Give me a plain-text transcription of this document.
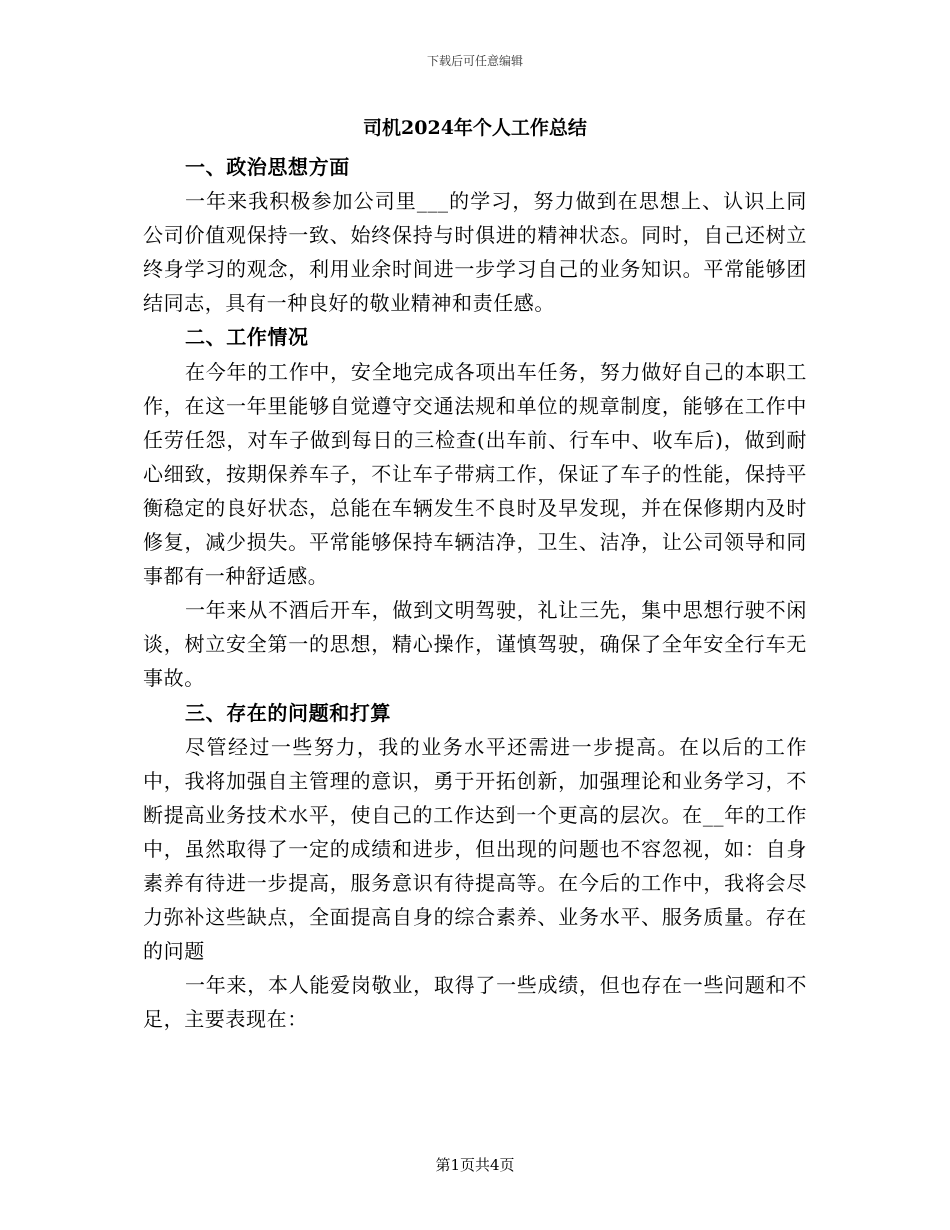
下载后可任意编辑
司机2024年个人工作总结

一、政治思想方面

一年来我积极参加公司里___的学习，努力做到在思想上、认识上同公司价值观保持一致、始终保持与时俱进的精神状态。同时，自己还树立终身学习的观念，利用业余时间进一步学习自己的业务知识。平常能够团结同志，具有一种良好的敬业精神和责任感。

二、工作情况

在今年的工作中，安全地完成各项出车任务，努力做好自己的本职工作，在这一年里能够自觉遵守交通法规和单位的规章制度，能够在工作中任劳任怨，对车子做到每日的三检查(出车前、行车中、收车后)，做到耐心细致，按期保养车子，不让车子带病工作，保证了车子的性能，保持平衡稳定的良好状态，总能在车辆发生不良时及早发现，并在保修期内及时修复，减少损失。平常能够保持车辆洁净，卫生、洁净，让公司领导和同事都有一种舒适感。

一年来从不酒后开车，做到文明驾驶，礼让三先，集中思想行驶不闲谈，树立安全第一的思想，精心操作，谨慎驾驶，确保了全年安全行车无事故。

三、存在的问题和打算

尽管经过一些努力，我的业务水平还需进一步提高。在以后的工作中，我将加强自主管理的意识，勇于开拓创新，加强理论和业务学习，不断提高业务技术水平，使自己的工作达到一个更高的层次。在__年的工作中，虽然取得了一定的成绩和进步，但出现的问题也不容忽视，如：自身素养有待进一步提高，服务意识有待提高等。在今后的工作中，我将会尽力弥补这些缺点，全面提高自身的综合素养、业务水平、服务质量。存在的问题

一年来，本人能爱岗敬业，取得了一些成绩，但也存在一些问题和不足，主要表现在：

第1页共4页
